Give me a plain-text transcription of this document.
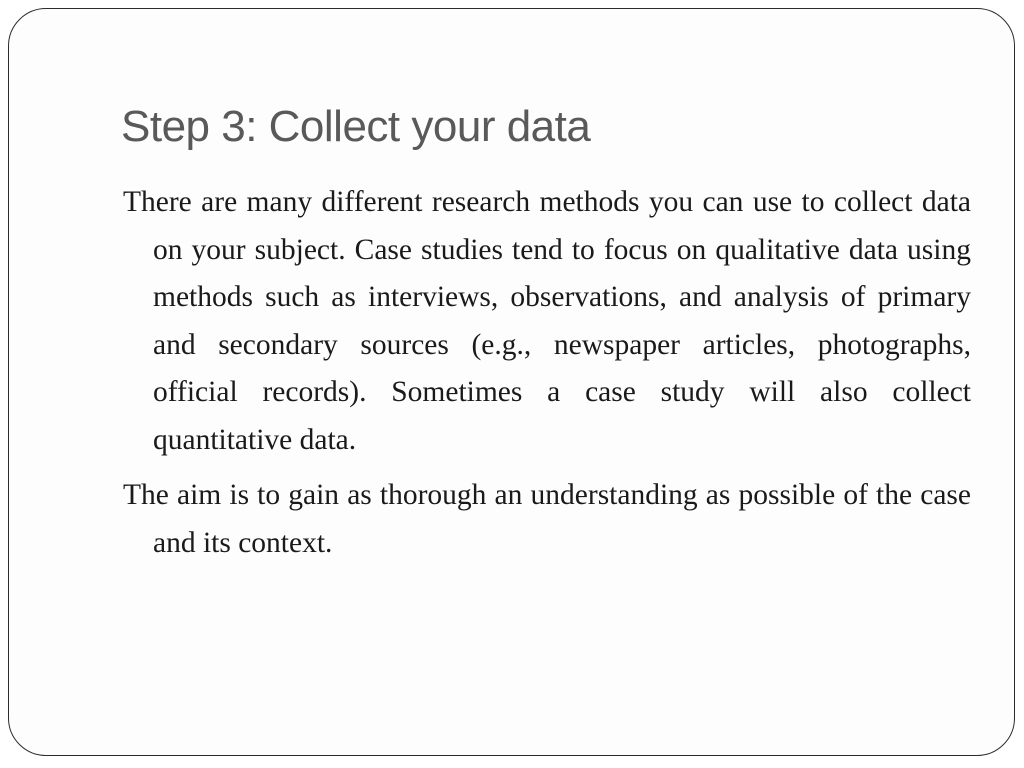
Step 3: Collect your data

There are many different research methods you can use to collect data on your subject. Case studies tend to focus on qualitative data using methods such as interviews, observations, and analysis of primary and secondary sources (e.g., newspaper articles, photographs, official records). Sometimes a case study will also collect quantitative data.

The aim is to gain as thorough an understanding as possible of the case and its context.
